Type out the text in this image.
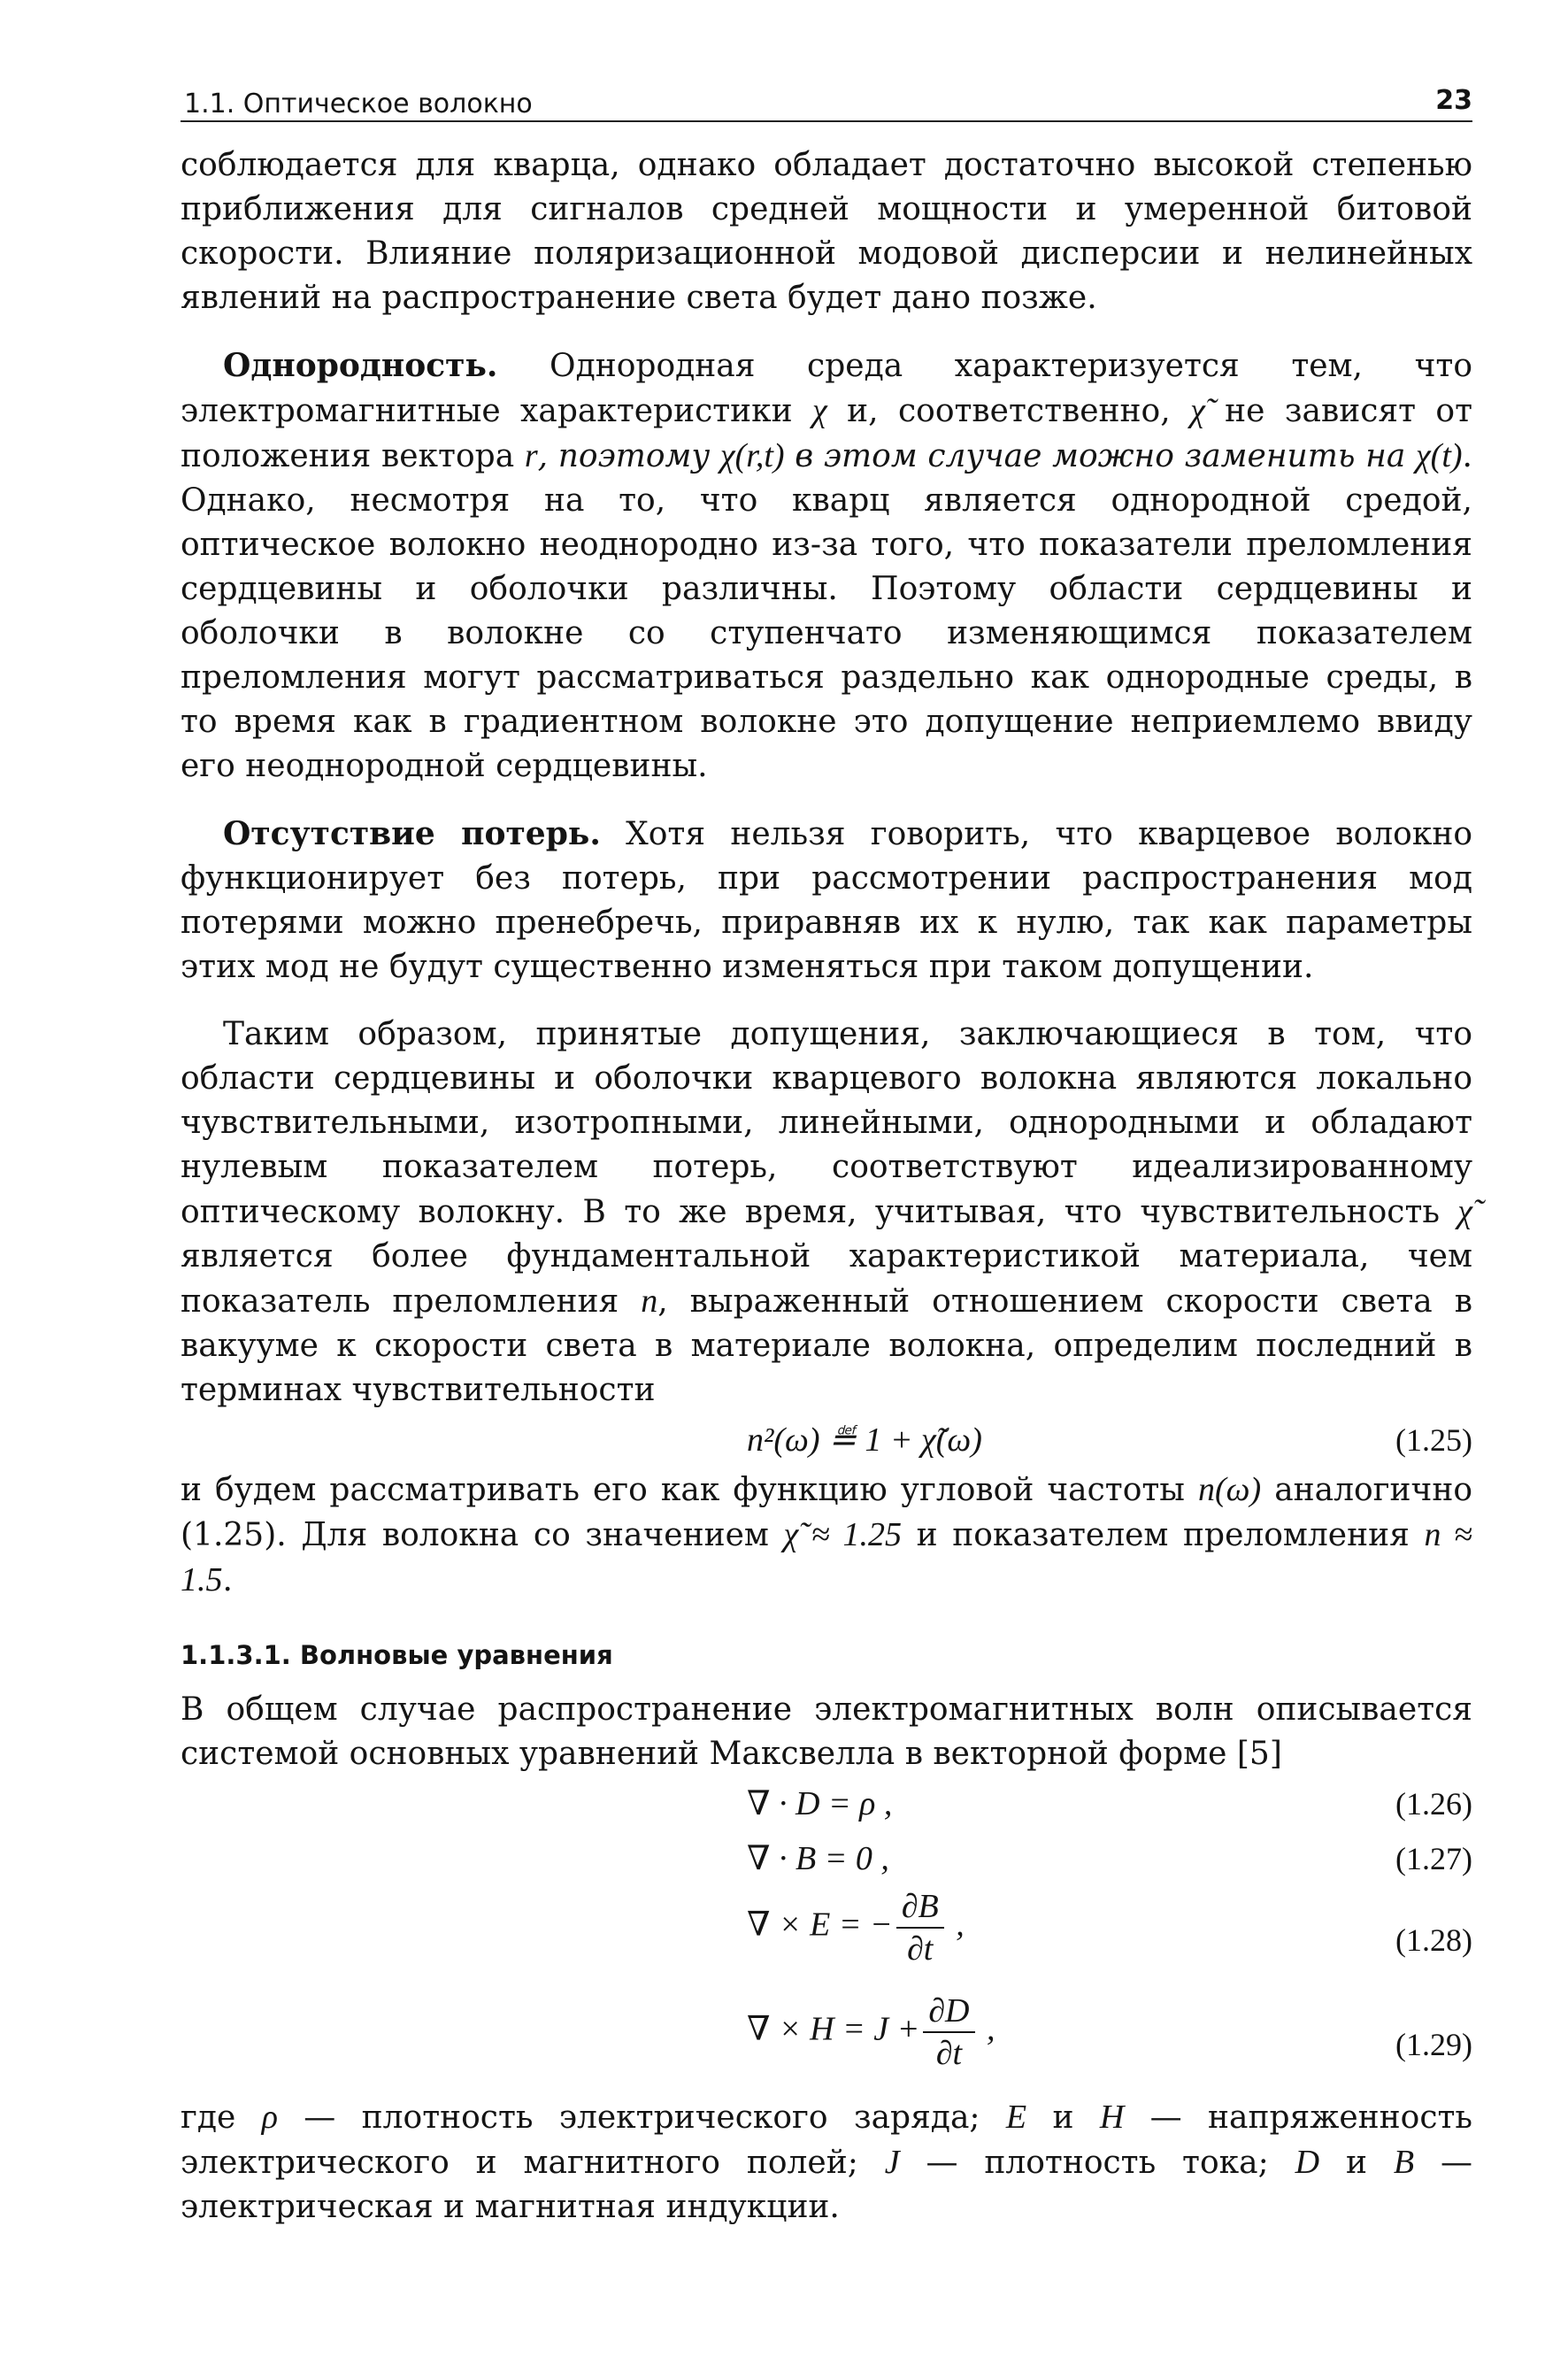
1.1. Оптическое волокно	23

соблюдается для кварца, однако обладает достаточно высокой степенью приближения для сигналов средней мощности и умеренной битовой скорости. Влияние поляризационной модовой дисперсии и нелинейных явлений на распространение света будет дано позже.

Однородность. Однородная среда характеризуется тем, что электромагнитные характеристики χ и, соответственно, χ̃ не зависят от положения вектора r, поэтому χ(r,t) в этом случае можно заменить на χ(t). Однако, несмотря на то, что кварц является однородной средой, оптическое волокно неоднородно из-за того, что показатели преломления сердцевины и оболочки различны. Поэтому области сердцевины и оболочки в волокне со ступенчато изменяющимся показателем преломления могут рассматриваться раздельно как однородные среды, в то время как в градиентном волокне это допущение неприемлемо ввиду его неоднородной сердцевины.

Отсутствие потерь. Хотя нельзя говорить, что кварцевое волокно функционирует без потерь, при рассмотрении распространения мод потерями можно пренебречь, приравняв их к нулю, так как параметры этих мод не будут существенно изменяться при таком допущении.

Таким образом, принятые допущения, заключающиеся в том, что области сердцевины и оболочки кварцевого волокна являются локально чувствительными, изотропными, линейными, однородными и обладают нулевым показателем потерь, соответствуют идеализированному оптическому волокну. В то же время, учитывая, что чувствительность χ̃ является более фундаментальной характеристикой материала, чем показатель преломления n, выраженный отношением скорости света в вакууме к скорости света в материале волокна, определим последний в терминах чувствительности

n²(ω) ≝ 1 + χ̃(ω)	(1.25)

и будем рассматривать его как функцию угловой частоты n(ω) аналогично (1.25). Для волокна со значением χ̃ ≈ 1.25 и показателем преломления n ≈ 1.5.

1.1.3.1. Волновые уравнения

В общем случае распространение электромагнитных волн описывается системой основных уравнений Максвелла в векторной форме [5]

∇ · D = ρ ,	(1.26)
∇ · B = 0 ,	(1.27)
∇ × E = − $\frac{\partial B}{\partial t}$ ,	(1.28)
∇ × $H = J + \frac{\partial D}{\partial t}$ ,	(1.29)

где ρ — плотность электрического заряда; E и H — напряженность электрического и магнитного полей; J — плотность тока; D и B — электрическая и магнитная индукции.
